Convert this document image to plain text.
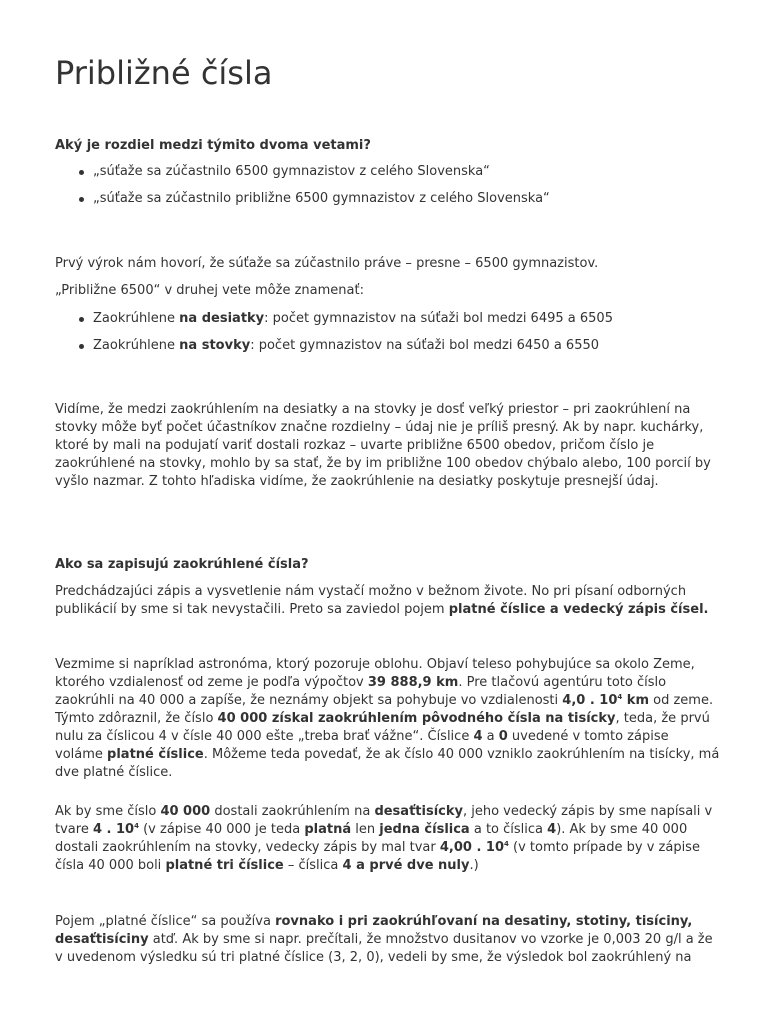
Približné čísla

Aký je rozdiel medzi týmito dvoma vetami?

„súťaže sa zúčastnilo 6500 gymnazistov z celého Slovenska“
„súťaže sa zúčastnilo približne 6500 gymnazistov z celého Slovenska“

Prvý výrok nám hovorí, že súťaže sa zúčastnilo práve – presne – 6500 gymnazistov.

„Približne 6500“ v druhej vete môže znamenať:

Zaokrúhlene na desiatky: počet gymnazistov na súťaži bol medzi 6495 a 6505
Zaokrúhlene na stovky: počet gymnazistov na súťaži bol medzi 6450 a 6550

Vidíme, že medzi zaokrúhlením na desiatky a na stovky je dosť veľký priestor – pri zaokrúhlení na stovky môže byť počet účastníkov značne rozdielny – údaj nie je príliš presný. Ak by napr. kuchárky, ktoré by mali na podujatí variť dostali rozkaz – uvarte približne 6500 obedov, pričom číslo je zaokrúhlené na stovky, mohlo by sa stať, že by im približne 100 obedov chýbalo alebo, 100 porcií by vyšlo nazmar. Z tohto hľadiska vidíme, že zaokrúhlenie na desiatky poskytuje presnejší údaj.

Ako sa zapisujú zaokrúhlené čísla?

Predchádzajúci zápis a vysvetlenie nám vystačí možno v bežnom živote. No pri písaní odborných publikácií by sme si tak nevystačili. Preto sa zaviedol pojem platné číslice a vedecký zápis čísel.

Vezmime si napríklad astronóma, ktorý pozoruje oblohu. Objaví teleso pohybujúce sa okolo Zeme, ktorého vzdialenosť od zeme je podľa výpočtov 39 888,9 km. Pre tlačovú agentúru toto číslo zaokrúhli na 40 000 a zapíše, že neznámy objekt sa pohybuje vo vzdialenosti 4,0 . $10^4$ km od zeme. Týmto zdôraznil, že číslo 40 000 získal zaokrúhlením pôvodného čísla na tisícky, teda, že prvú nulu za číslicou 4 v čísle 40 000 ešte „treba brať vážne“. Číslice 4 a 0 uvedené v tomto zápise voláme platné číslice. Môžeme teda povedať, že ak číslo 40 000 vzniklo zaokrúhlením na tisícky, má dve platné číslice.

Ak by sme číslo 40 000 dostali zaokrúhlením na desaťtisícky, jeho vedecký zápis by sme napísali v tvare 4 . $10^4$ (v zápise 40 000 je teda platná len jedna číslica a to číslica 4). Ak by sme 40 000 dostali zaokrúhlením na stovky, vedecky zápis by mal tvar 4,00 . $10^4$ (v tomto prípade by v zápise čísla 40 000 boli platné tri číslice – číslica 4 a prvé dve nuly.)

Pojem „platné číslice“ sa používa rovnako i pri zaokrúhľovaní na desatiny, stotiny, tisíciny, desaťtisíciny atď. Ak by sme si napr. prečítali, že množstvo dusitanov vo vzorke je 0,003 20 g/l a že v uvedenom výsledku sú tri platné číslice (3, 2, 0), vedeli by sme, že výsledok bol zaokrúhlený na
